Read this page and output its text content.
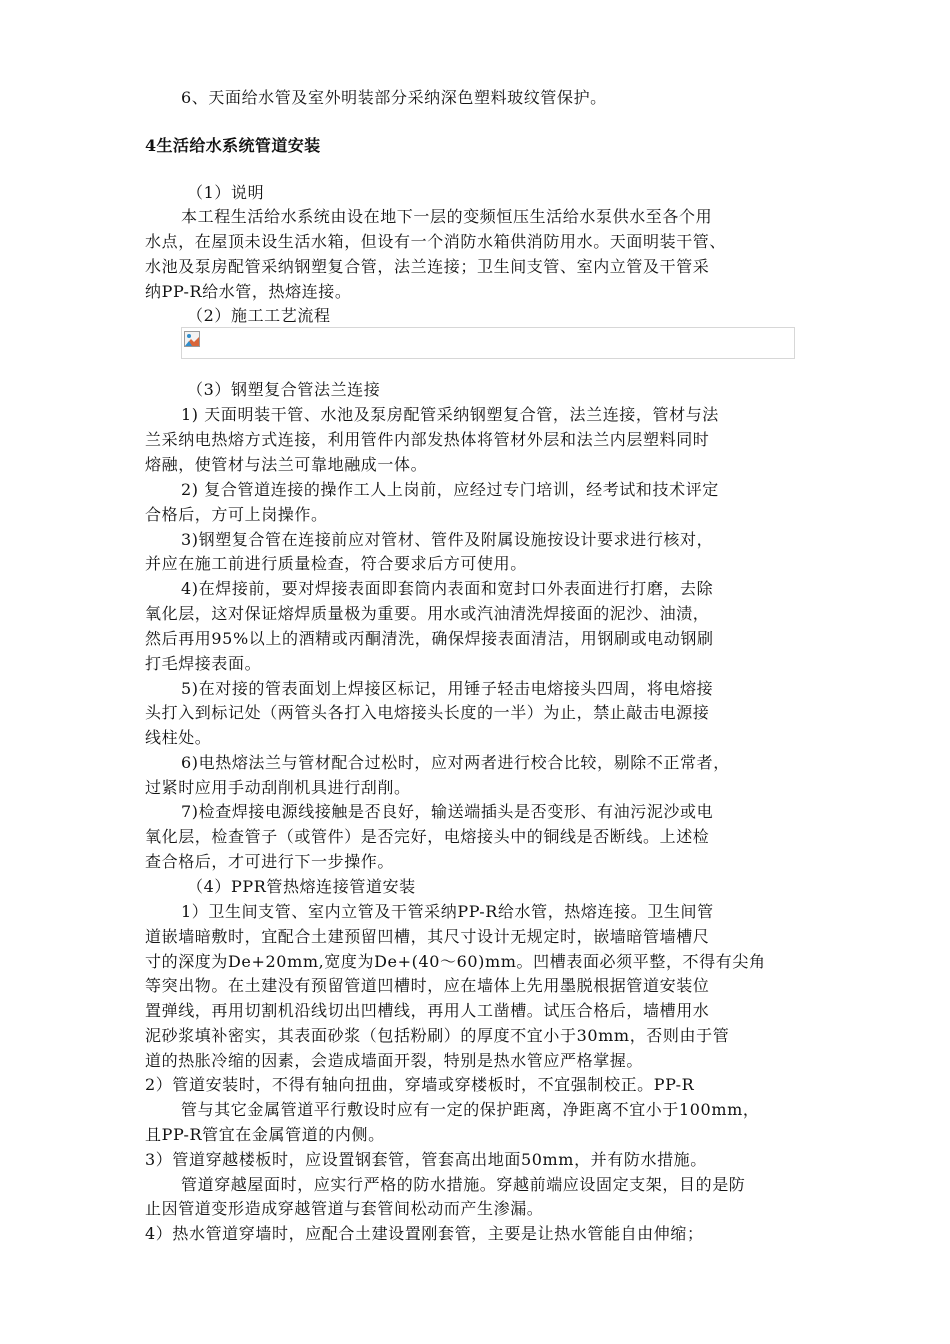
6、天面给水管及室外明装部分采纳深色塑料玻纹管保护。
4生活给水系统管道安装
（1）说明
本工程生活给水系统由设在地下一层的变频恒压生活给水泵供水至各个用
水点，在屋顶未设生活水箱，但设有一个消防水箱供消防用水。天面明装干管、
水池及泵房配管采纳钢塑复合管，法兰连接；卫生间支管、室内立管及干管采
纳PP-R给水管，热熔连接。
（2）施工工艺流程
（3）钢塑复合管法兰连接
1) 天面明装干管、水池及泵房配管采纳钢塑复合管，法兰连接，管材与法
兰采纳电热熔方式连接，利用管件内部发热体将管材外层和法兰内层塑料同时
熔融，使管材与法兰可靠地融成一体。
2) 复合管道连接的操作工人上岗前，应经过专门培训，经考试和技术评定
合格后，方可上岗操作。
3)钢塑复合管在连接前应对管材、管件及附属设施按设计要求进行核对，
并应在施工前进行质量检查，符合要求后方可使用。
4)在焊接前，要对焊接表面即套筒内表面和宽封口外表面进行打磨，去除
氧化层，这对保证熔焊质量极为重要。用水或汽油清洗焊接面的泥沙、油渍，
然后再用95%以上的酒精或丙酮清洗，确保焊接表面清洁，用钢刷或电动钢刷
打毛焊接表面。
5)在对接的管表面划上焊接区标记，用锤子轻击电熔接头四周，将电熔接
头打入到标记处（两管头各打入电熔接头长度的一半）为止，禁止敲击电源接
线柱处。
6)电热熔法兰与管材配合过松时，应对两者进行校合比较，剔除不正常者，
过紧时应用手动刮削机具进行刮削。
7)检查焊接电源线接触是否良好，输送端插头是否变形、有油污泥沙或电
氧化层，检查管子（或管件）是否完好，电熔接头中的铜线是否断线。上述检
查合格后，才可进行下一步操作。
（4）PPR管热熔连接管道安装
1）卫生间支管、室内立管及干管采纳PP-R给水管，热熔连接。卫生间管
道嵌墙暗敷时，宜配合土建预留凹槽，其尺寸设计无规定时，嵌墙暗管墙槽尺
寸的深度为De+20mm,宽度为De+(40～60)mm。凹槽表面必须平整，不得有尖角
等突出物。在土建没有预留管道凹槽时，应在墙体上先用墨脱根据管道安装位
置弹线，再用切割机沿线切出凹槽线，再用人工凿槽。试压合格后，墙槽用水
泥砂浆填补密实，其表面砂浆（包括粉刷）的厚度不宜小于30mm，否则由于管
道的热胀冷缩的因素，会造成墙面开裂，特别是热水管应严格掌握。
2）管道安装时，不得有轴向扭曲，穿墙或穿楼板时，不宜强制校正。PP-R
管与其它金属管道平行敷设时应有一定的保护距离，净距离不宜小于100mm，
且PP-R管宜在金属管道的内侧。
3）管道穿越楼板时，应设置钢套管，管套高出地面50mm，并有防水措施。
管道穿越屋面时，应实行严格的防水措施。穿越前端应设固定支架，目的是防
止因管道变形造成穿越管道与套管间松动而产生渗漏。
4）热水管道穿墙时，应配合土建设置刚套管，主要是让热水管能自由伸缩；
